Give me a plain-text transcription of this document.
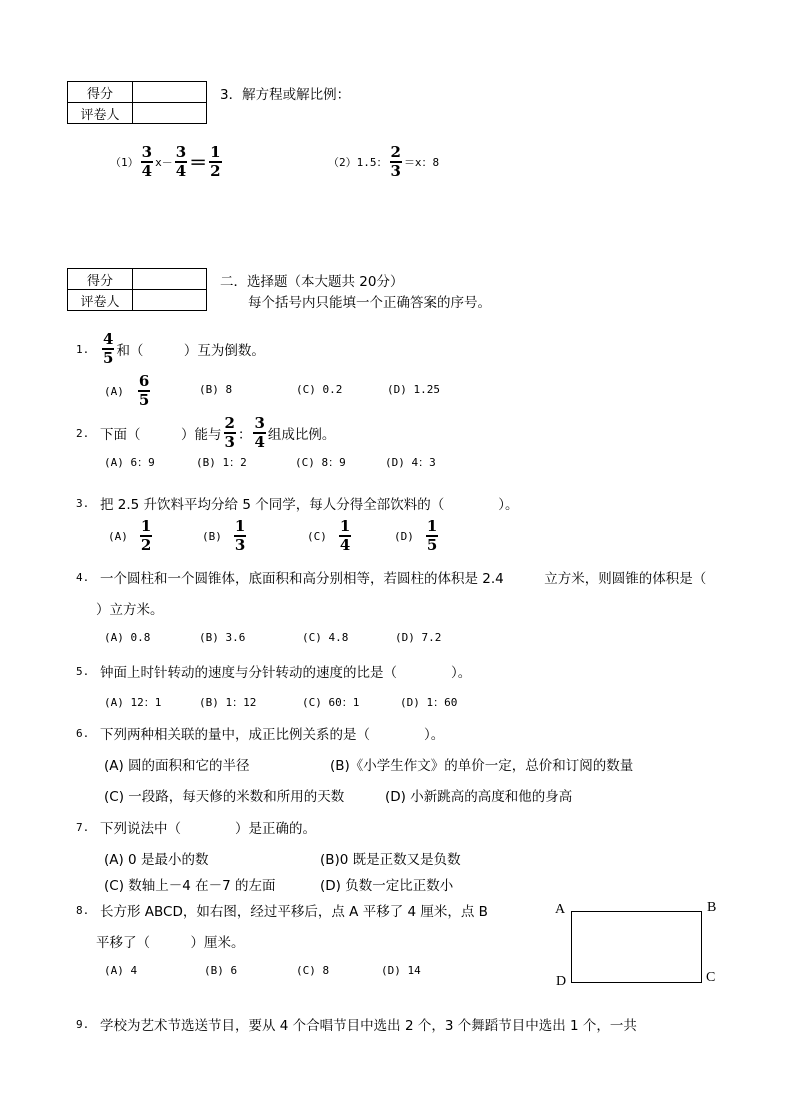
得分	
评卷人	
3．解方程或解比例：
$(1) \frac{3}{4} x- \frac{3}{4} = \frac{1}{2}$	（2）1.5： $\frac{2}{3} =x$：8
得分	
评卷人	
二．选择题（本大题共 20分）
每个括号内只能填一个正确答案的序号。
1. $\frac{4}{5}$ 和（　　　）互为倒数。
$(A) \frac{6}{5}$	(B) 8	(C) 0.2	(D) 1.25
2. 下面（　　　）能与 $\frac{2}{3}$ ： $\frac{3}{4}$ 组成比例。
(A) 6：9	(B) 1：2	(C) 8：9	(D) 4：3
3. 把 2.5 升饮料平均分给 5 个同学，每人分得全部饮料的（　　　　）。
$(A) \frac{1}{2}$	$(B) \frac{1}{3}$	$(C) \frac{1}{4}$	$(D) \frac{1}{5}$
4. 一个圆柱和一个圆锥体，底面积和高分别相等，若圆柱的体积是 2.4　　　立方米，则圆锥的体积是（
）立方米。
(A) 0.8	(B) 3.6	(C) 4.8	(D) 7.2
5. 钟面上时针转动的速度与分针转动的速度的比是（　　　　）。
(A) 12：1	(B) 1：12	(C) 60：1	(D) 1：60
6. 下列两种相关联的量中，成正比例关系的是（　　　　）。
(A) 圆的面积和它的半径	(B)《小学生作文》的单价一定，总价和订阅的数量
(C) 一段路，每天修的米数和所用的天数	(D) 小新跳高的高度和他的身高
7. 下列说法中（　　　　）是正确的。
(A) 0 是最小的数	(B)0 既是正数又是负数
(C) 数轴上－4 在－7 的左面	(D) 负数一定比正数小
8. 长方形 ABCD，如右图，经过平移后，点 A 平移了 4 厘米，点 B
平移了（　　　）厘米。
(A) 4	(B) 6	(C) 8	(D) 14
A	B
C
D
9. 学校为艺术节选送节目，要从 4 个合唱节目中选出 2 个，3 个舞蹈节目中选出 1 个，一共
